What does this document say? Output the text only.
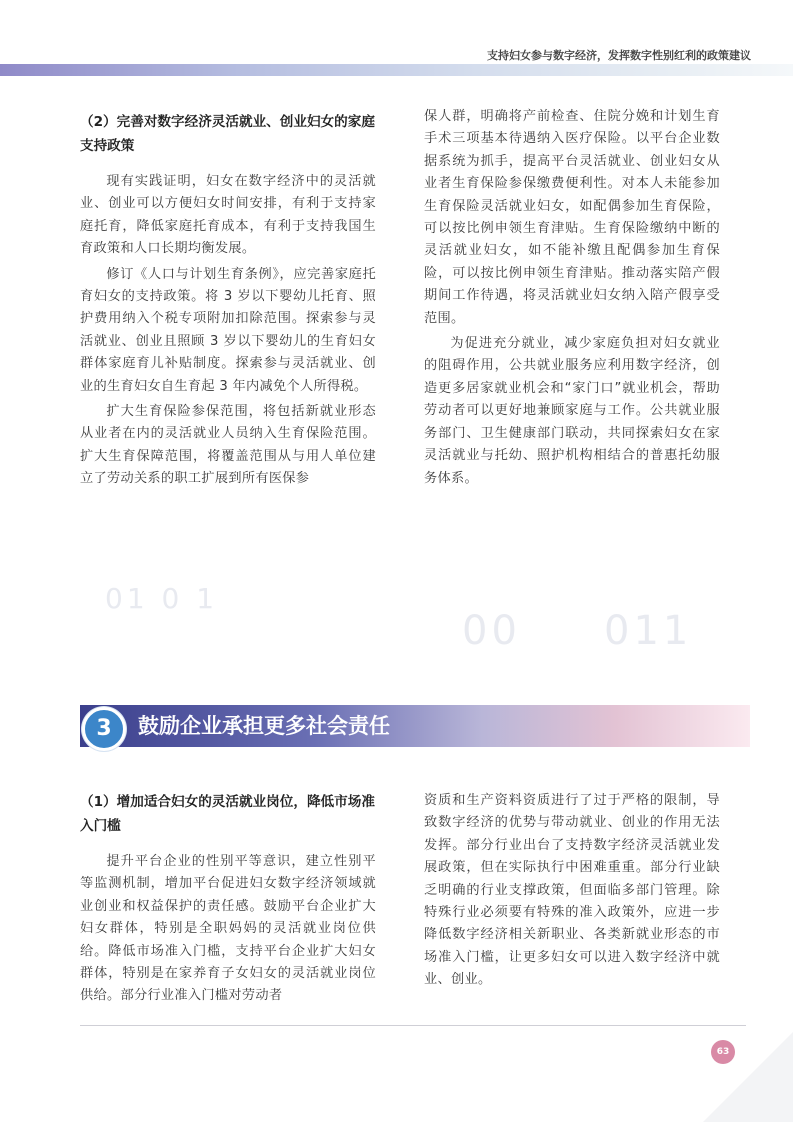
支持妇女参与数字经济，发挥数字性别红利的政策建议
（2）完善对数字经济灵活就业、创业妇女的家庭支持政策

现有实践证明，妇女在数字经济中的灵活就业、创业可以方便妇女时间安排，有利于支持家庭托育，降低家庭托育成本，有利于支持我国生育政策和人口长期均衡发展。

修订《人口与计划生育条例》，应完善家庭托育妇女的支持政策。将 3 岁以下婴幼儿托育、照护费用纳入个税专项附加扣除范围。探索参与灵活就业、创业且照顾 3 岁以下婴幼儿的生育妇女群体家庭育儿补贴制度。探索参与灵活就业、创业的生育妇女自生育起 3 年内减免个人所得税。

扩大生育保险参保范围，将包括新就业形态从业者在内的灵活就业人员纳入生育保险范围。扩大生育保障范围，将覆盖范围从与用人单位建立了劳动关系的职工扩展到所有医保参

保人群，明确将产前检查、住院分娩和计划生育手术三项基本待遇纳入医疗保险。以平台企业数据系统为抓手，提高平台灵活就业、创业妇女从业者生育保险参保缴费便利性。对本人未能参加生育保险灵活就业妇女，如配偶参加生育保险，可以按比例申领生育津贴。生育保险缴纳中断的灵活就业妇女，如不能补缴且配偶参加生育保险，可以按比例申领生育津贴。推动落实陪产假期间工作待遇，将灵活就业妇女纳入陪产假享受范围。

为促进充分就业，减少家庭负担对妇女就业的阻碍作用，公共就业服务应利用数字经济，创造更多居家就业机会和“家门口”就业机会，帮助劳动者可以更好地兼顾家庭与工作。公共就业服务部门、卫生健康部门联动，共同探索妇女在家灵活就业与托幼、照护机构相结合的普惠托幼服务体系。

01 0 1
00 011
3	鼓励企业承担更多社会责任
（1）增加适合妇女的灵活就业岗位，降低市场准入门槛

提升平台企业的性别平等意识，建立性别平等监测机制，增加平台促进妇女数字经济领域就业创业和权益保护的责任感。鼓励平台企业扩大妇女群体，特别是全职妈妈的灵活就业岗位供给。降低市场准入门槛，支持平台企业扩大妇女群体，特别是在家养育子女妇女的灵活就业岗位供给。部分行业准入门槛对劳动者

资质和生产资料资质进行了过于严格的限制，导致数字经济的优势与带动就业、创业的作用无法发挥。部分行业出台了支持数字经济灵活就业发展政策，但在实际执行中困难重重。部分行业缺乏明确的行业支撑政策，但面临多部门管理。除特殊行业必须要有特殊的准入政策外，应进一步降低数字经济相关新职业、各类新就业形态的市场准入门槛，让更多妇女可以进入数字经济中就业、创业。

63
